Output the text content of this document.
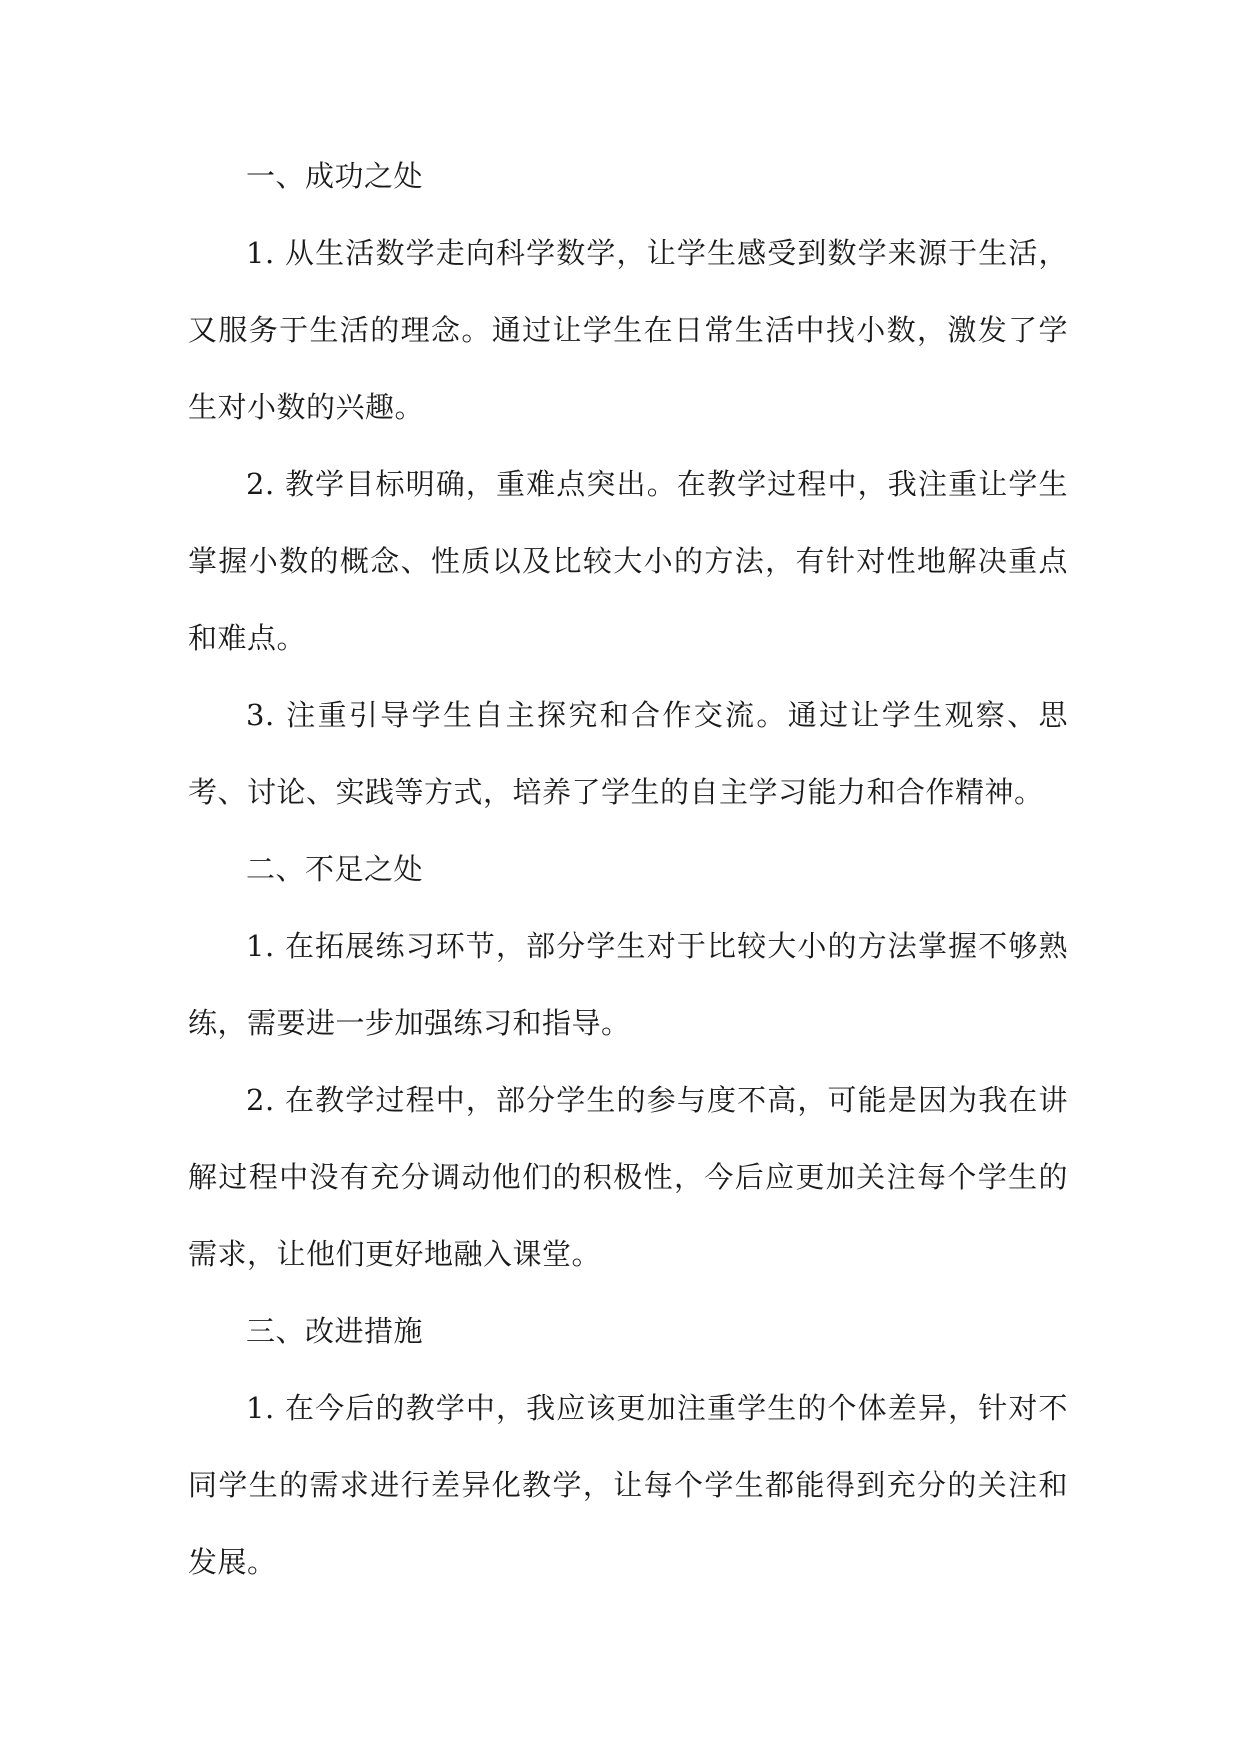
一、成功之处

1. 从生活数学走向科学数学，让学生感受到数学来源于生活，又服务于生活的理念。通过让学生在日常生活中找小数，激发了学生对小数的兴趣。

2. 教学目标明确，重难点突出。在教学过程中，我注重让学生掌握小数的概念、性质以及比较大小的方法，有针对性地解决重点和难点。

3. 注重引导学生自主探究和合作交流。通过让学生观察、思考、讨论、实践等方式，培养了学生的自主学习能力和合作精神。

二、不足之处

1. 在拓展练习环节，部分学生对于比较大小的方法掌握不够熟练，需要进一步加强练习和指导。

2. 在教学过程中，部分学生的参与度不高，可能是因为我在讲解过程中没有充分调动他们的积极性，今后应更加关注每个学生的需求，让他们更好地融入课堂。

三、改进措施

1. 在今后的教学中，我应该更加注重学生的个体差异，针对不同学生的需求进行差异化教学，让每个学生都能得到充分的关注和发展。
